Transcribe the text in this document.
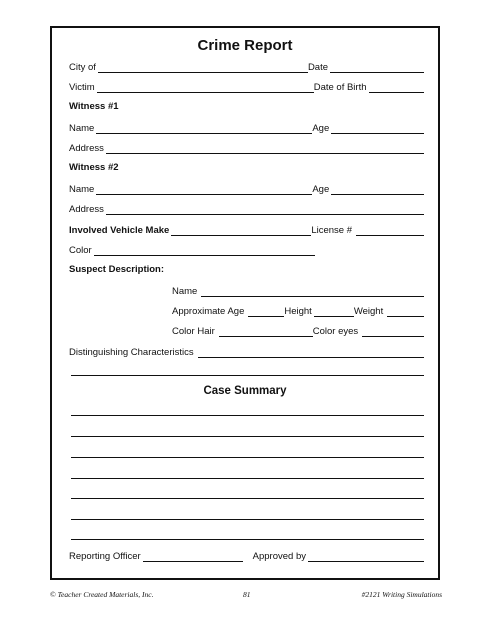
Crime Report
City of	Date
Victim	Date of Birth
Witness #1
Name	Age
Address
Witness #2
Name	Age
Address
Involved Vehicle Make	License #
Color
Suspect Description:
Name
Approximate Age	Height	Weight
Color Hair	Color eyes
Distinguishing Characteristics
Case Summary
Reporting Officer	Approved by
© Teacher Created Materials, Inc.	81	#2121 Writing Simulations
